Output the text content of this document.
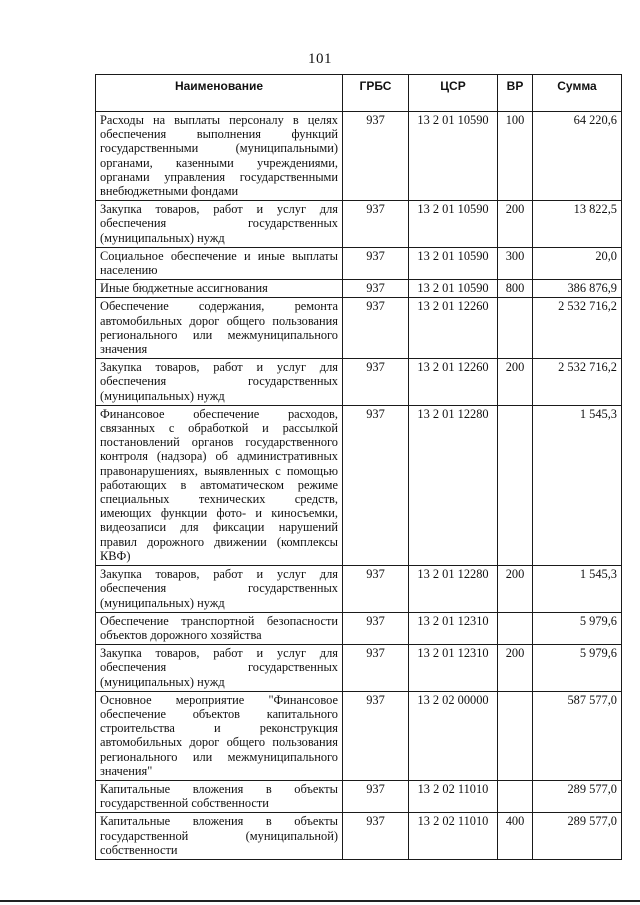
101
Наименование	ГРБС	ЦСР	ВР	Сумма
Расходы на выплаты персоналу в целях обеспечения выполнения функций государственными (муниципальными) органами, казенными учреждениями, органами управления государственными внебюджетными фондами	937	13 2 01 10590	100	64 220,6
Закупка товаров, работ и услуг для обеспечения государственных (муниципальных) нужд	937	13 2 01 10590	200	13 822,5
Социальное обеспечение и иные выплаты населению	937	13 2 01 10590	300	20,0
Иные бюджетные ассигнования	937	13 2 01 10590	800	386 876,9
Обеспечение содержания, ремонта автомобильных дорог общего пользования регионального или межмуниципального значения	937	13 2 01 12260		2 532 716,2
Закупка товаров, работ и услуг для обеспечения государственных (муниципальных) нужд	937	13 2 01 12260	200	2 532 716,2
Финансовое обеспечение расходов, связанных с обработкой и рассылкой постановлений органов государственного контроля (надзора) об административных правонарушениях, выявленных с помощью работающих в автоматическом режиме специальных технических средств, имеющих функции фото- и киносъемки, видеозаписи для фиксации нарушений правил дорожного движении (комплексы КВФ)	937	13 2 01 12280		1 545,3
Закупка товаров, работ и услуг для обеспечения государственных (муниципальных) нужд	937	13 2 01 12280	200	1 545,3
Обеспечение транспортной безопасности объектов дорожного хозяйства	937	13 2 01 12310		5 979,6
Закупка товаров, работ и услуг для обеспечения государственных (муниципальных) нужд	937	13 2 01 12310	200	5 979,6
Основное мероприятие "Финансовое обеспечение объектов капитального строительства и реконструкция автомобильных дорог общего пользования регионального или межмуниципального значения"	937	13 2 02 00000		587 577,0
Капитальные вложения в объекты государственной собственности	937	13 2 02 11010		289 577,0
Капитальные вложения в объекты государственной (муниципальной) собственности	937	13 2 02 11010	400	289 577,0
